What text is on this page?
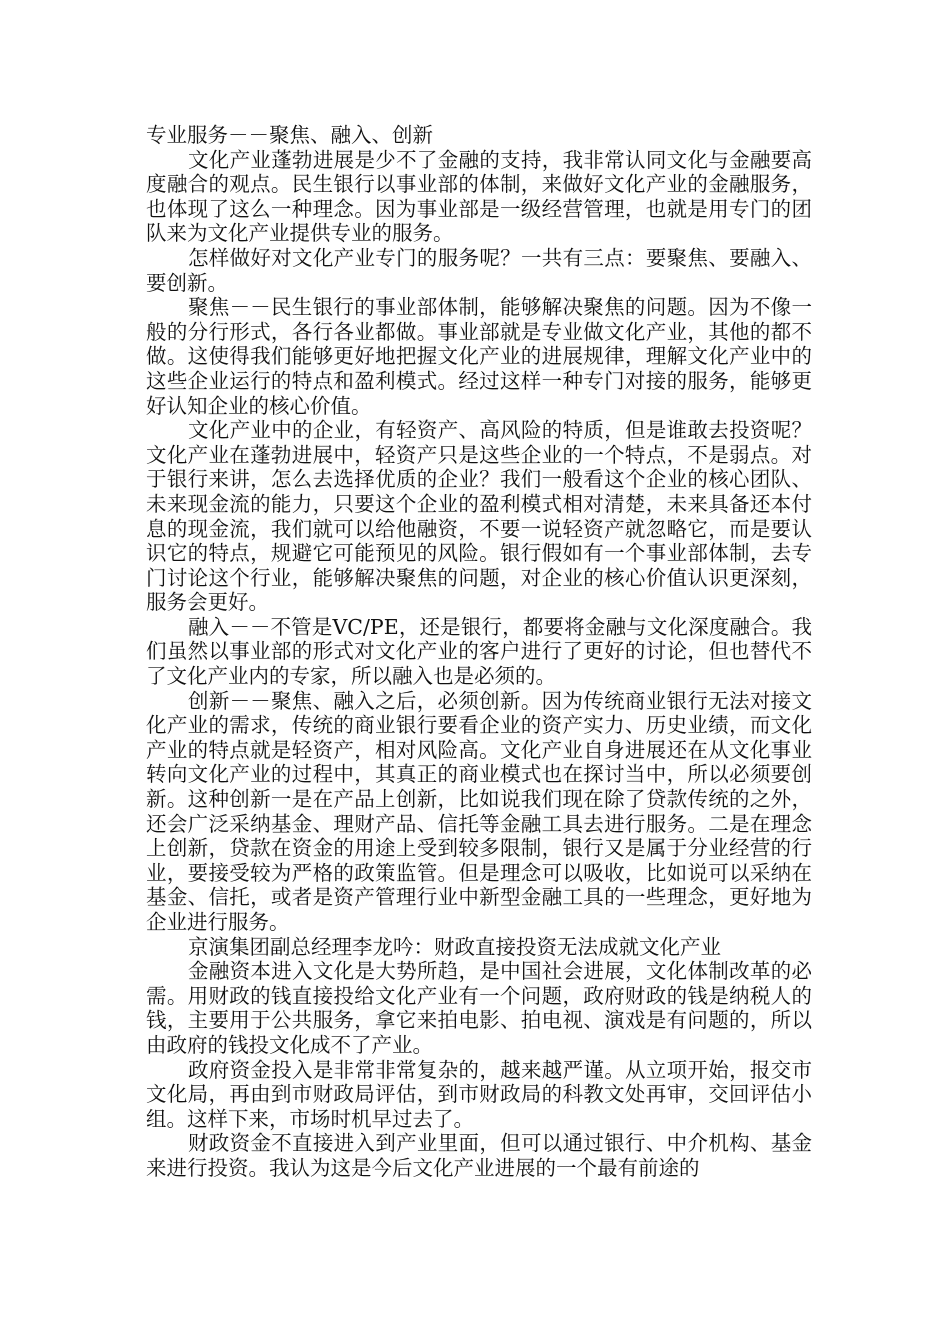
专业服务－－聚焦、融入、创新

文化产业蓬勃进展是少不了金融的支持，我非常认同文化与金融要高度融合的观点。民生银行以事业部的体制，来做好文化产业的金融服务，也体现了这么一种理念。因为事业部是一级经营管理，也就是用专门的团队来为文化产业提供专业的服务。

怎样做好对文化产业专门的服务呢？一共有三点：要聚焦、要融入、要创新。

聚焦－－民生银行的事业部体制，能够解决聚焦的问题。因为不像一般的分行形式，各行各业都做。事业部就是专业做文化产业，其他的都不做。这使得我们能够更好地把握文化产业的进展规律，理解文化产业中的这些企业运行的特点和盈利模式。经过这样一种专门对接的服务，能够更好认知企业的核心价值。

文化产业中的企业，有轻资产、高风险的特质，但是谁敢去投资呢？文化产业在蓬勃进展中，轻资产只是这些企业的一个特点，不是弱点。对于银行来讲，怎么去选择优质的企业？我们一般看这个企业的核心团队、未来现金流的能力，只要这个企业的盈利模式相对清楚，未来具备还本付息的现金流，我们就可以给他融资，不要一说轻资产就忽略它，而是要认识它的特点，规避它可能预见的风险。银行假如有一个事业部体制，去专门讨论这个行业，能够解决聚焦的问题，对企业的核心价值认识更深刻，服务会更好。

融入－－不管是VC/PE，还是银行，都要将金融与文化深度融合。我们虽然以事业部的形式对文化产业的客户进行了更好的讨论，但也替代不了文化产业内的专家，所以融入也是必须的。

创新－－聚焦、融入之后，必须创新。因为传统商业银行无法对接文化产业的需求，传统的商业银行要看企业的资产实力、历史业绩，而文化产业的特点就是轻资产，相对风险高。文化产业自身进展还在从文化事业转向文化产业的过程中，其真正的商业模式也在探讨当中，所以必须要创新。这种创新一是在产品上创新，比如说我们现在除了贷款传统的之外，还会广泛采纳基金、理财产品、信托等金融工具去进行服务。二是在理念上创新，贷款在资金的用途上受到较多限制，银行又是属于分业经营的行业，要接受较为严格的政策监管。但是理念可以吸收，比如说可以采纳在基金、信托，或者是资产管理行业中新型金融工具的一些理念，更好地为企业进行服务。

京演集团副总经理李龙吟：财政直接投资无法成就文化产业

金融资本进入文化是大势所趋，是中国社会进展，文化体制改革的必需。用财政的钱直接投给文化产业有一个问题，政府财政的钱是纳税人的钱，主要用于公共服务，拿它来拍电影、拍电视、演戏是有问题的，所以由政府的钱投文化成不了产业。

政府资金投入是非常非常复杂的，越来越严谨。从立项开始，报交市文化局，再由到市财政局评估，到市财政局的科教文处再审，交回评估小组。这样下来，市场时机早过去了。

财政资金不直接进入到产业里面，但可以通过银行、中介机构、基金来进行投资。我认为这是今后文化产业进展的一个最有前途的
